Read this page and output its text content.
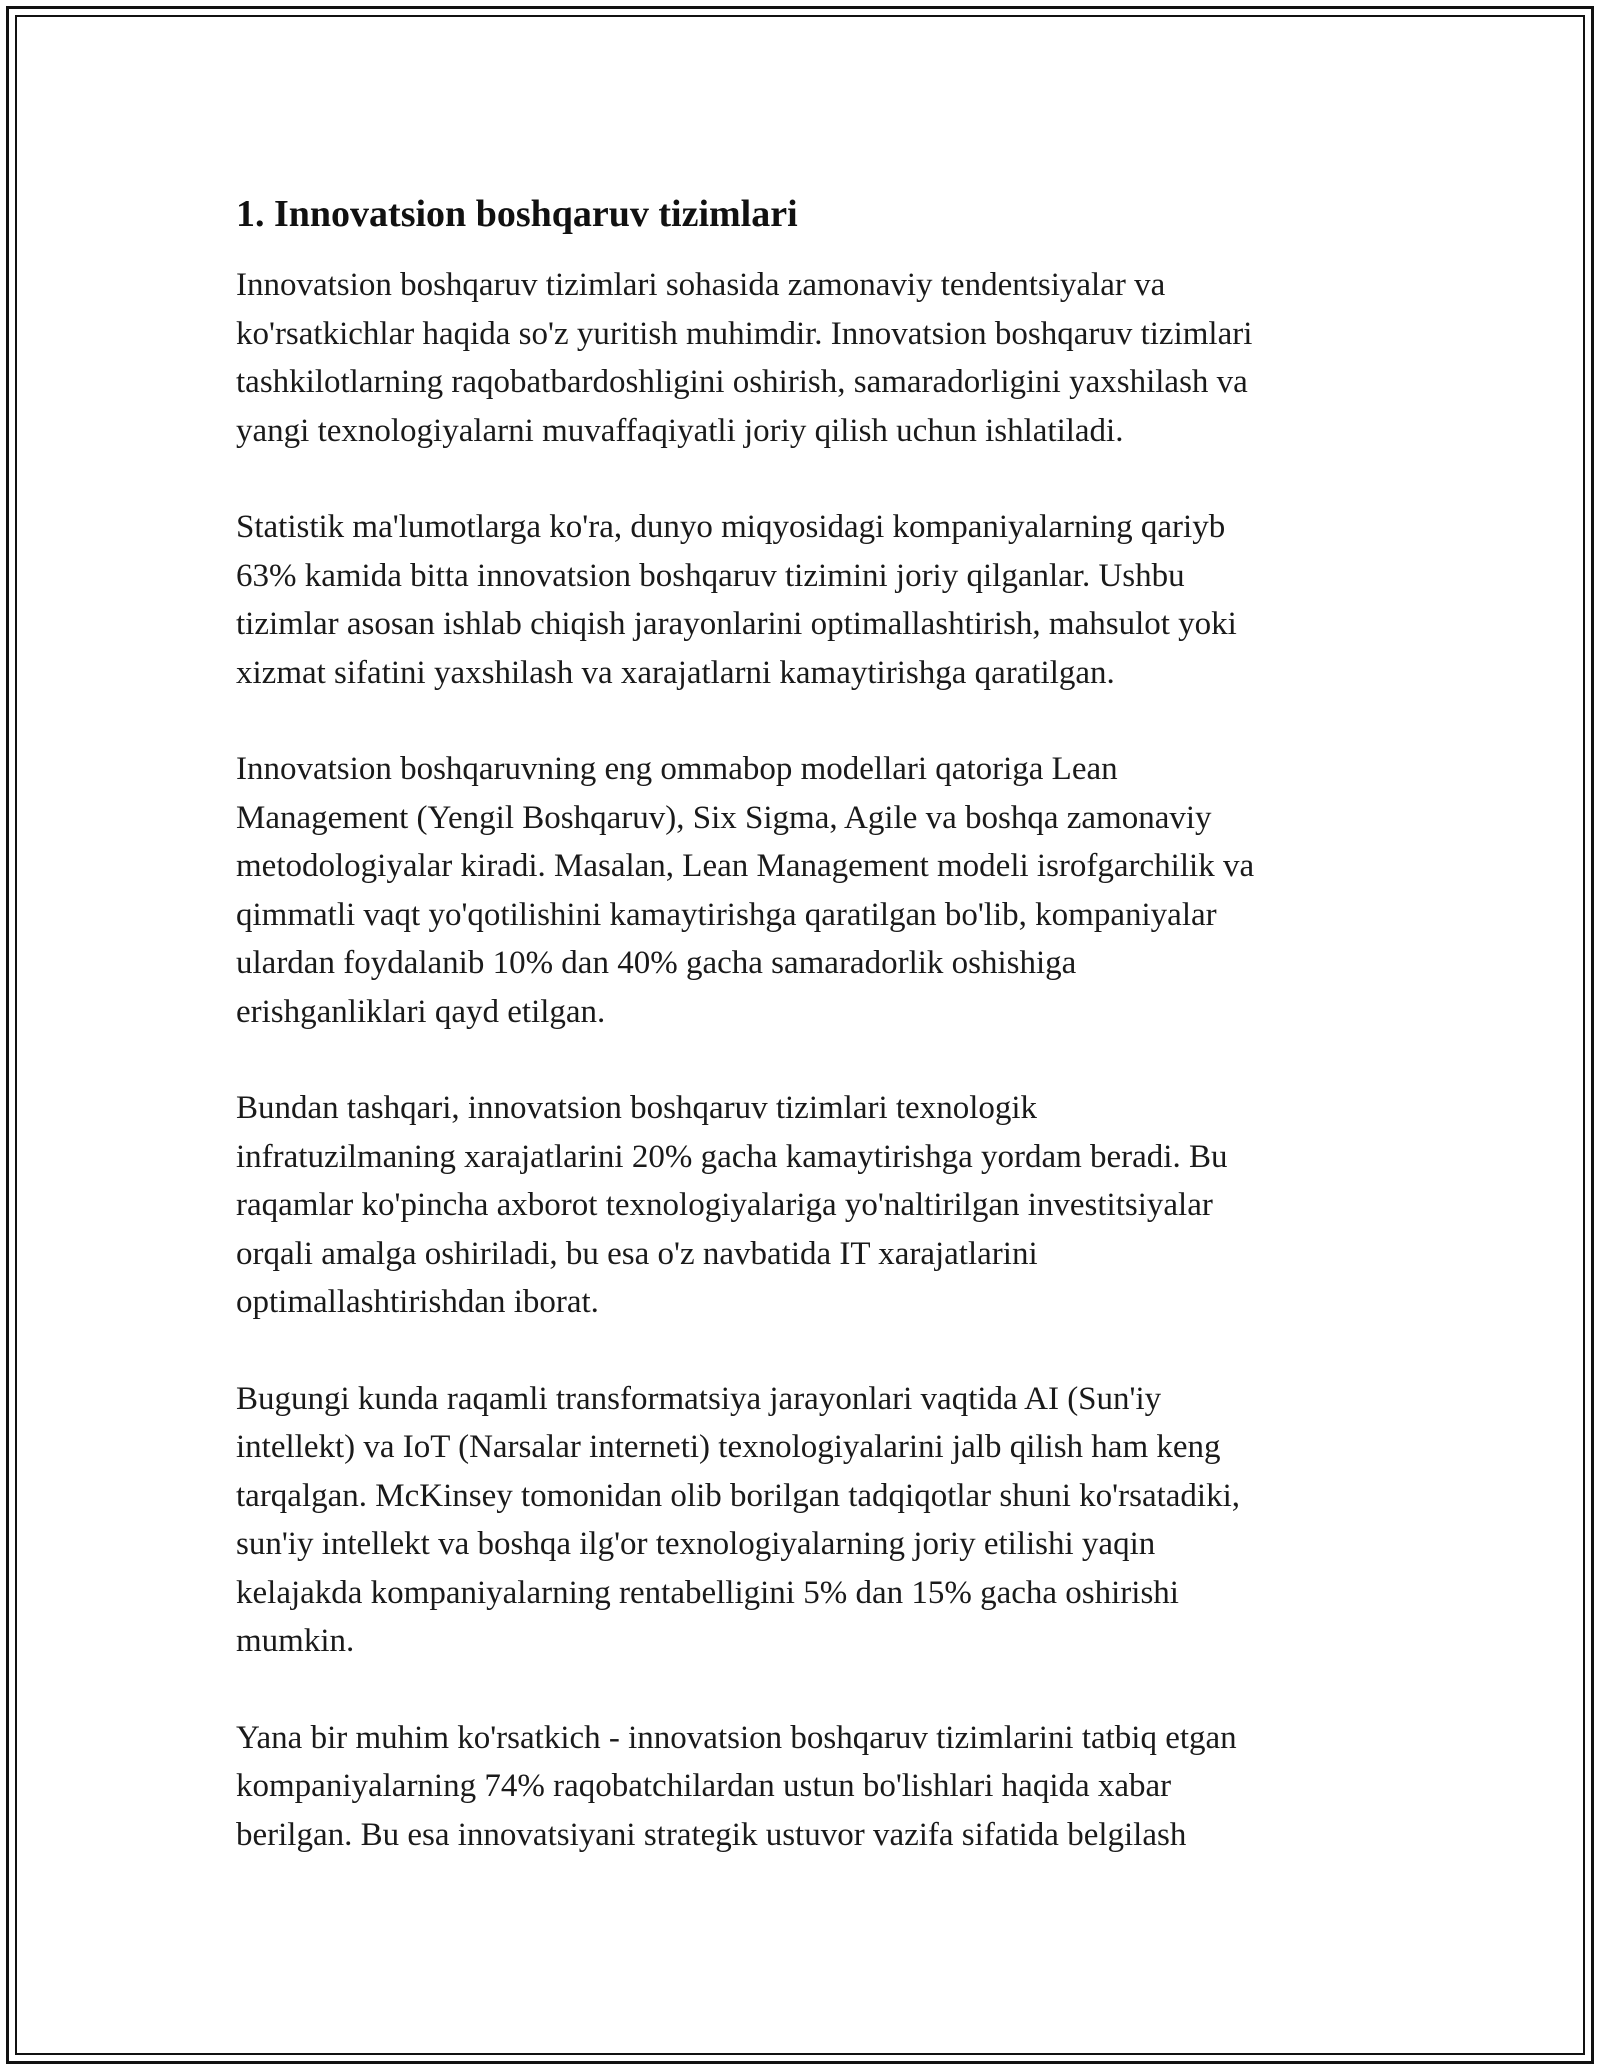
1. Innovatsion boshqaruv tizimlari

Innovatsion boshqaruv tizimlari sohasida zamonaviy tendentsiyalar va
ko'rsatkichlar haqida so'z yuritish muhimdir. Innovatsion boshqaruv tizimlari
tashkilotlarning raqobatbardoshligini oshirish, samaradorligini yaxshilash va
yangi texnologiyalarni muvaffaqiyatli joriy qilish uchun ishlatiladi.

Statistik ma'lumotlarga ko'ra, dunyo miqyosidagi kompaniyalarning qariyb
63% kamida bitta innovatsion boshqaruv tizimini joriy qilganlar. Ushbu
tizimlar asosan ishlab chiqish jarayonlarini optimallashtirish, mahsulot yoki
xizmat sifatini yaxshilash va xarajatlarni kamaytirishga qaratilgan.

Innovatsion boshqaruvning eng ommabop modellari qatoriga Lean
Management (Yengil Boshqaruv), Six Sigma, Agile va boshqa zamonaviy
metodologiyalar kiradi. Masalan, Lean Management modeli isrofgarchilik va
qimmatli vaqt yo'qotilishini kamaytirishga qaratilgan bo'lib, kompaniyalar
ulardan foydalanib 10% dan 40% gacha samaradorlik oshishiga
erishganliklari qayd etilgan.

Bundan tashqari, innovatsion boshqaruv tizimlari texnologik
infratuzilmaning xarajatlarini 20% gacha kamaytirishga yordam beradi. Bu
raqamlar ko'pincha axborot texnologiyalariga yo'naltirilgan investitsiyalar
orqali amalga oshiriladi, bu esa o'z navbatida IT xarajatlarini
optimallashtirishdan iborat.

Bugungi kunda raqamli transformatsiya jarayonlari vaqtida AI (Sun'iy
intellekt) va IoT (Narsalar interneti) texnologiyalarini jalb qilish ham keng
tarqalgan. McKinsey tomonidan olib borilgan tadqiqotlar shuni ko'rsatadiki,
sun'iy intellekt va boshqa ilg'or texnologiyalarning joriy etilishi yaqin
kelajakda kompaniyalarning rentabelligini 5% dan 15% gacha oshirishi
mumkin.

Yana bir muhim ko'rsatkich - innovatsion boshqaruv tizimlarini tatbiq etgan
kompaniyalarning 74% raqobatchilardan ustun bo'lishlari haqida xabar
berilgan. Bu esa innovatsiyani strategik ustuvor vazifa sifatida belgilash
